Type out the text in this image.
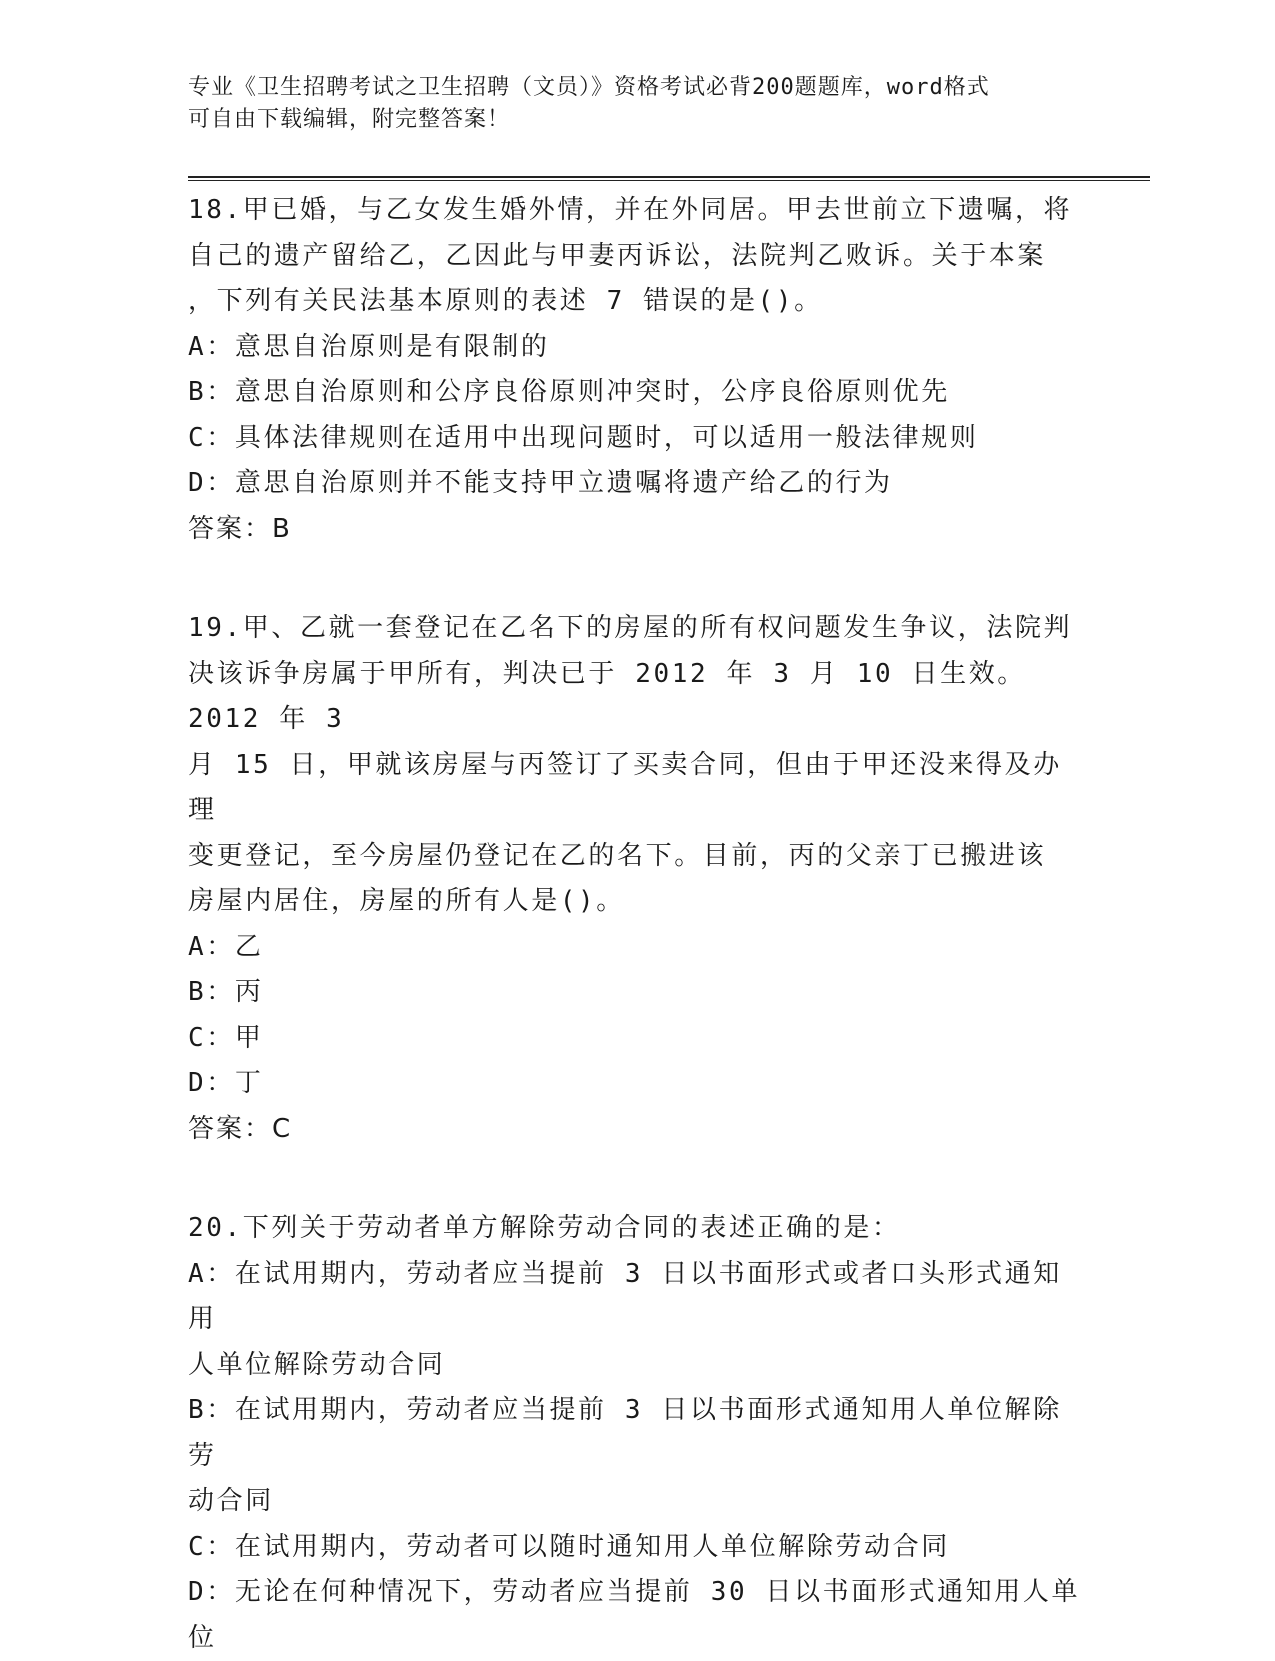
专业《卫生招聘考试之卫生招聘（文员）》资格考试必背200题题库，word格式
可自由下载编辑，附完整答案！

18.甲已婚，与乙女发生婚外情，并在外同居。甲去世前立下遗嘱，将

自己的遗产留给乙，乙因此与甲妻丙诉讼，法院判乙败诉。关于本案

，下列有关民法基本原则的表述 7 错误的是()。

A：意思自治原则是有限制的

B：意思自治原则和公序良俗原则冲突时，公序良俗原则优先

C：具体法律规则在适用中出现问题时，可以适用一般法律规则

D：意思自治原则并不能支持甲立遗嘱将遗产给乙的行为

答案：B

19.甲、乙就一套登记在乙名下的房屋的所有权问题发生争议，法院判

决该诉争房属于甲所有，判决已于 2012 年 3 月 10 日生效。2012 年 3

月 15 日，甲就该房屋与丙签订了买卖合同，但由于甲还没来得及办理

变更登记，至今房屋仍登记在乙的名下。目前，丙的父亲丁已搬进该

房屋内居住，房屋的所有人是()。

A：乙

B：丙

C：甲

D：丁

答案：C

20.下列关于劳动者单方解除劳动合同的表述正确的是：

A：在试用期内，劳动者应当提前 3 日以书面形式或者口头形式通知用

人单位解除劳动合同

B：在试用期内，劳动者应当提前 3 日以书面形式通知用人单位解除劳

动合同

C：在试用期内，劳动者可以随时通知用人单位解除劳动合同

D：无论在何种情况下，劳动者应当提前 30 日以书面形式通知用人单

位
